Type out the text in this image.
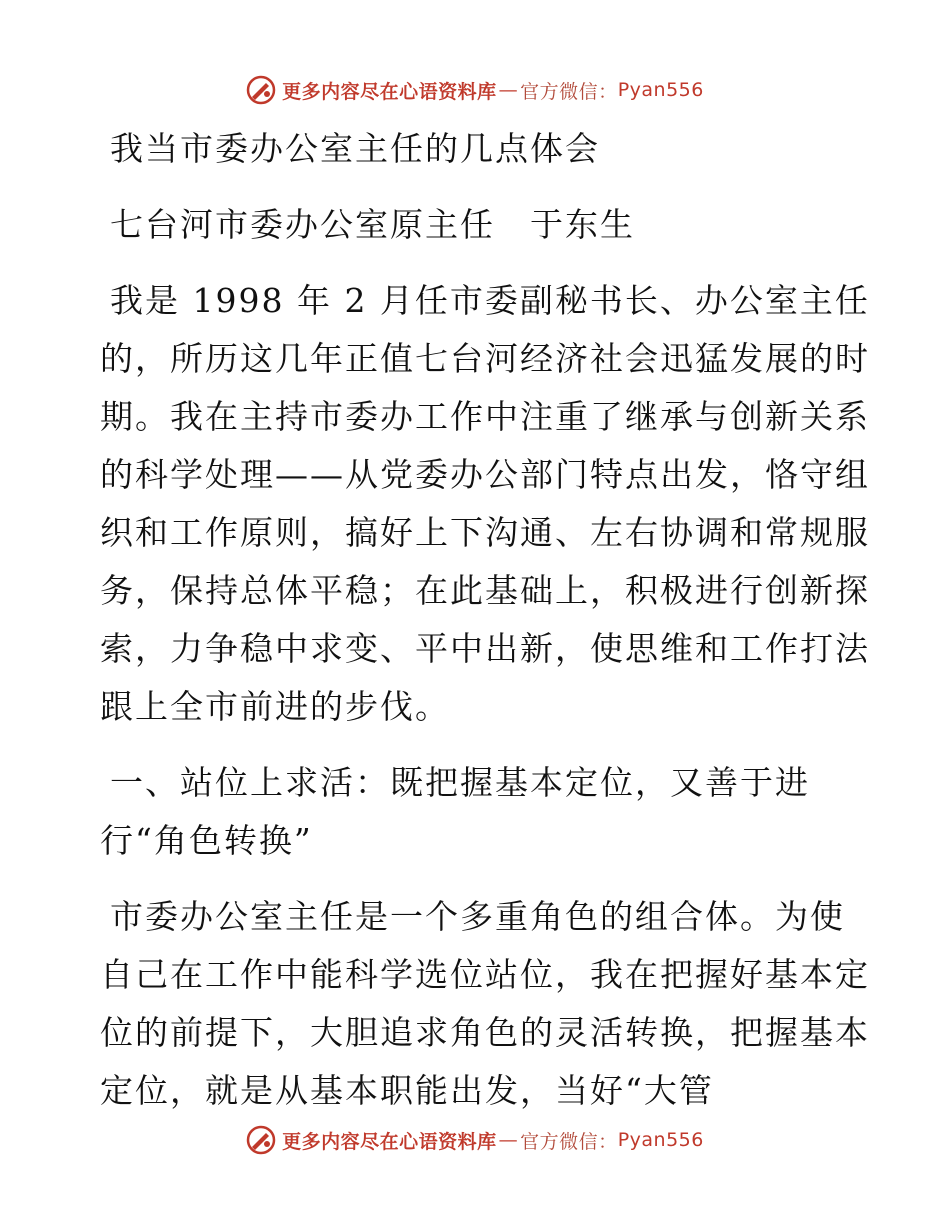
更多内容尽在心语资料库 — 官方微信： Pyan556

我当市委办公室主任的几点体会

七台河市委办公室原主任　于东生

我是 1998 年 2 月任市委副秘书长、办公室主任

的，所历这几年正值七台河经济社会迅猛发展的时

期。我在主持市委办工作中注重了继承与创新关系

的科学处理——从党委办公部门特点出发，恪守组

织和工作原则，搞好上下沟通、左右协调和常规服

务，保持总体平稳；在此基础上，积极进行创新探

索，力争稳中求变、平中出新，使思维和工作打法

跟上全市前进的步伐。

一、站位上求活：既把握基本定位，又善于进

行“角色转换”

市委办公室主任是一个多重角色的组合体。为使

自己在工作中能科学选位站位，我在把握好基本定

位的前提下，大胆追求角色的灵活转换，把握基本

定位，就是从基本职能出发，当好“大管

更多内容尽在心语资料库 — 官方微信： Pyan556
